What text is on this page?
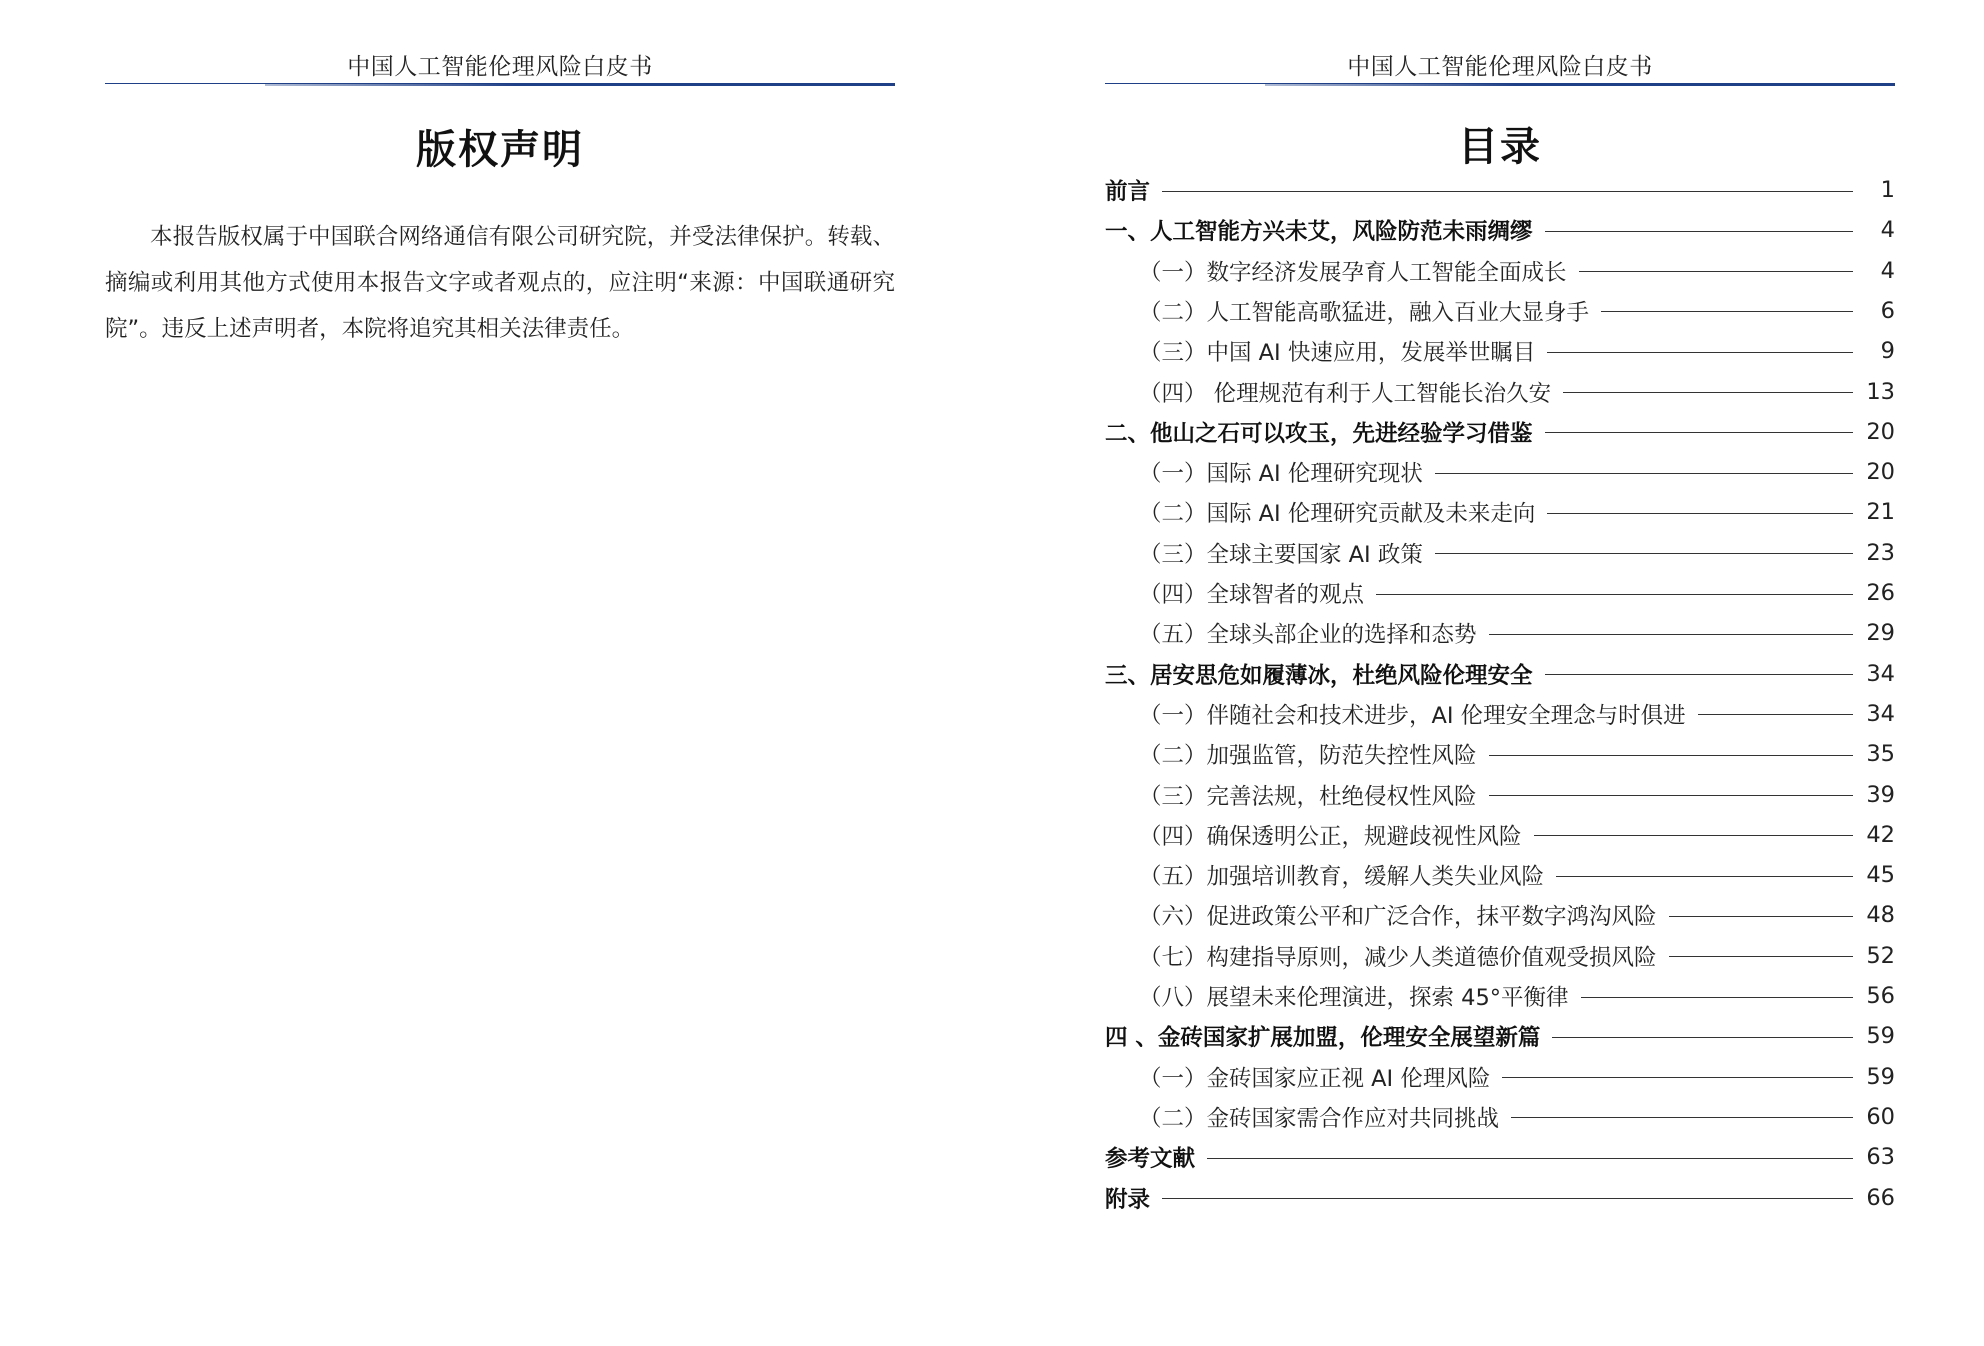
中国人工智能伦理风险白皮书
版权声明

本报告版权属于中国联合网络通信有限公司研究院，并受法律保护。转载、摘编或利用其他方式使用本报告文字或者观点的，应注明“来源：中国联通研究院”。违反上述声明者，本院将追究其相关法律责任。

中国人工智能伦理风险白皮书
目录
前言	1
一、人工智能方兴未艾，风险防范未雨绸缪	4
（一）数字经济发展孕育人工智能全面成长	4
（二）人工智能高歌猛进，融入百业大显身手	6
（三）中国 AI 快速应用，发展举世瞩目	9
（四） 伦理规范有利于人工智能长治久安	13
二、他山之石可以攻玉，先进经验学习借鉴	20
（一）国际 AI 伦理研究现状	20
（二）国际 AI 伦理研究贡献及未来走向	21
（三）全球主要国家 AI 政策	23
（四）全球智者的观点	26
（五）全球头部企业的选择和态势	29
三、居安思危如履薄冰，杜绝风险伦理安全	34
（一）伴随社会和技术进步，AI 伦理安全理念与时俱进	34
（二）加强监管，防范失控性风险	35
（三）完善法规，杜绝侵权性风险	39
（四）确保透明公正，规避歧视性风险	42
（五）加强培训教育，缓解人类失业风险	45
（六）促进政策公平和广泛合作，抹平数字鸿沟风险	48
（七）构建指导原则，减少人类道德价值观受损风险	52
（八）展望未来伦理演进，探索 45°平衡律	56
四 、金砖国家扩展加盟，伦理安全展望新篇	59
（一）金砖国家应正视 AI 伦理风险	59
（二）金砖国家需合作应对共同挑战	60
参考文献	63
附录	66
